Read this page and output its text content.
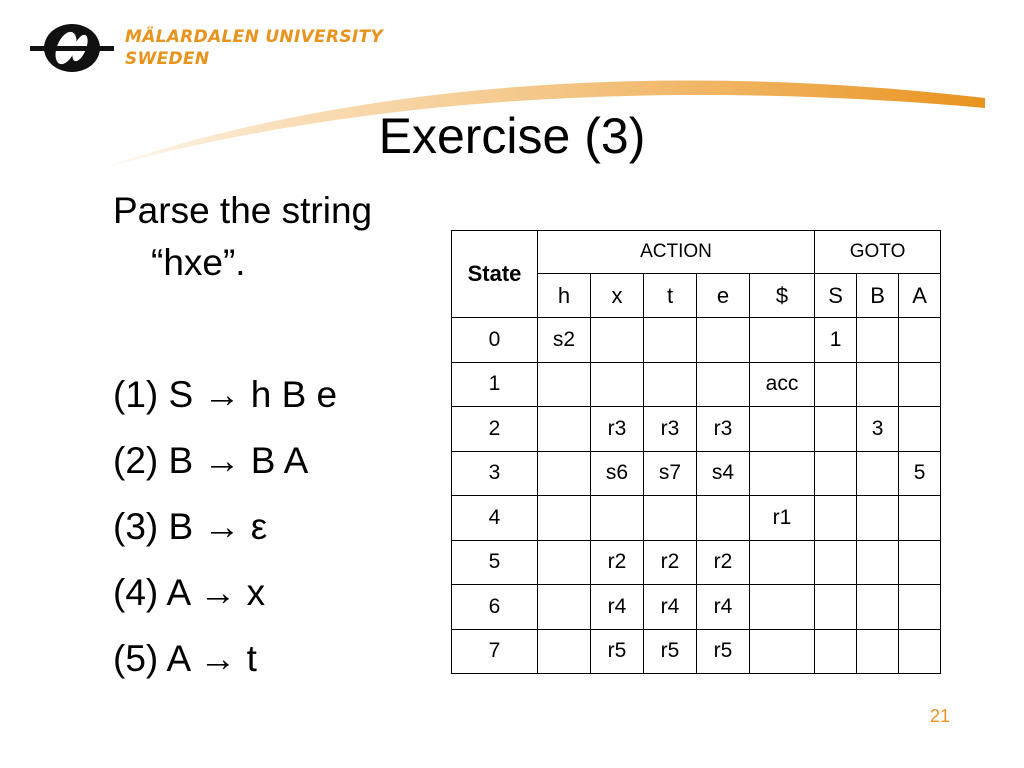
MÄLARDALEN UNIVERSITY
SWEDEN
Exercise (3)
Parse the string
“hxe”.
(1) S → h B e
(2) B → B A
(3) B → ε
(4) A → x
(5) A → t
State	ACTION					GOTO		
	h	x	t	e	$	S	B	A
0	s2					1		
1					acc			
2		r3	r3	r3			3	
3		s6	s7	s4				5
4					r1			
5		r2	r2	r2				
6		r4	r4	r4				
7		r5	r5	r5				
21
